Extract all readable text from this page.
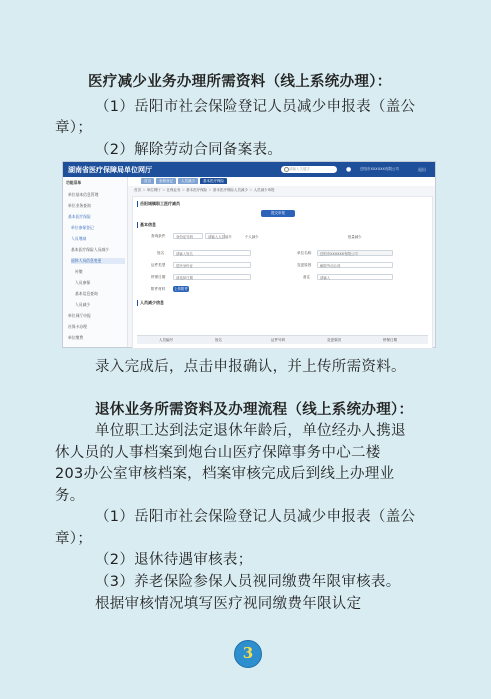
医疗减少业务办理所需资料（线上系统办理）：
（1）岳阳市社会保险登记人员减少申报表（盖公
章）；
（2）解除劳动合同备案表。
湖南省医疗保障局单位网厅	请输入关键字	●	岳阳市XXXXXX有限公司	退出
首页 参保登记 人员减少 基本医疗保险
功能菜单
单位基本信息管理
单位业务查询
基本医疗保险
单位参保登记
人员增减
基本医疗保险人员减少
退休人员信息变更
补缴
人员参保
基本信息查询
人员减少
单位网厅申报
社保卡办理
单位缴费
首页 ＞ 单位网厅 ＞ 社保业务 ＞ 基本医疗保险 ＞ 基本医疗保险人员减少 ＞ 人员减少申报
岳阳城镇职工医疗减员
提交申报
基本信息
查询条件	身份证号码	请输入人员编号	个人减少	批量减少
姓名	请输入姓名	单位名称	岳阳市XXXXXX有限公司
证件类型	居民身份证	变更原因	解除劳动合同
停保日期	请选择日期	备注	请输入
附件材料 上传附件
人员减少信息
人员编号	姓名	证件号码	变更原因	停保日期
录入完成后，点击申报确认，并上传所需资料。
退休业务所需资料及办理流程（线上系统办理）：
单位职工达到法定退休年龄后，单位经办人携退
休人员的人事档案到炮台山医疗保障事务中心二楼
203办公室审核档案，档案审核完成后到线上办理业
务。
（1）岳阳市社会保险登记人员减少申报表（盖公
章）；
（2）退休待遇审核表；
（3）养老保险参保人员视同缴费年限审核表。
根据审核情况填写医疗视同缴费年限认定
3
